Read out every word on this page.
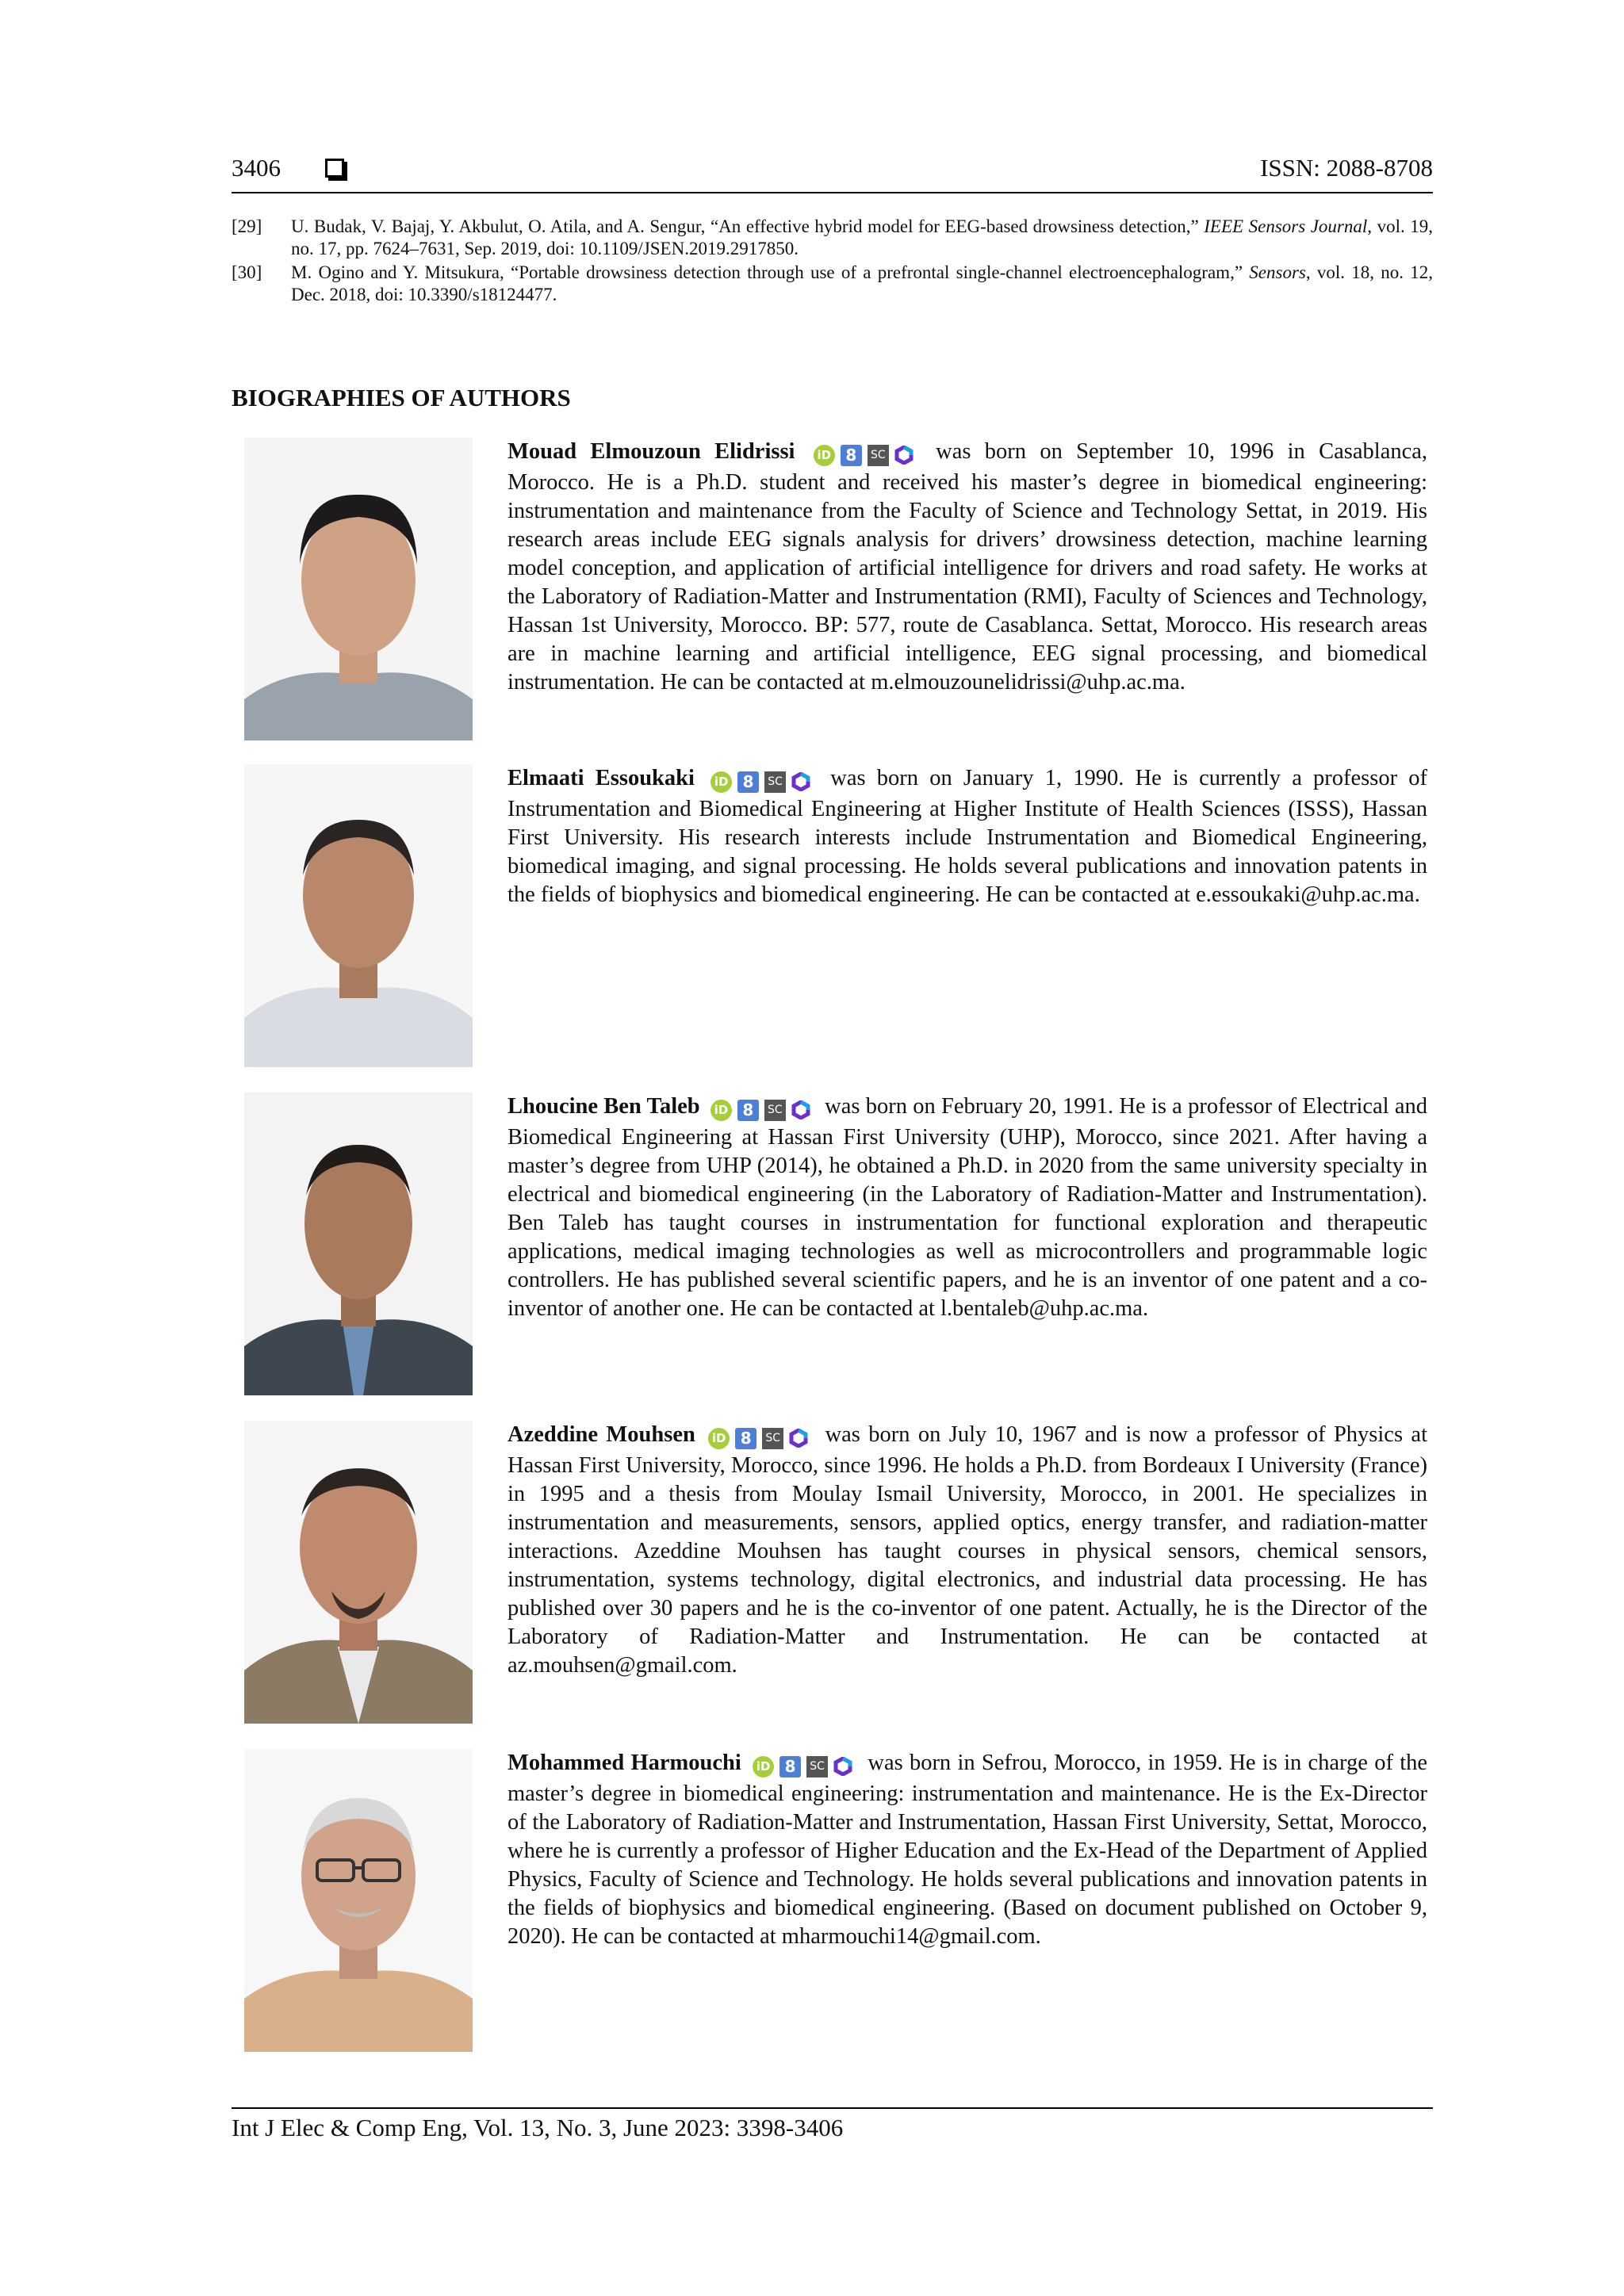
3406	ISSN: 2088-8708
[29] U. Budak, V. Bajaj, Y. Akbulut, O. Atila, and A. Sengur, “An effective hybrid model for EEG-based drowsiness detection,” IEEE Sensors Journal, vol. 19, no. 17, pp. 7624–7631, Sep. 2019, doi: 10.1109/JSEN.2019.2917850.
[30] M. Ogino and Y. Mitsukura, “Portable drowsiness detection through use of a prefrontal single-channel electroencephalogram,” Sensors, vol. 18, no. 12, Dec. 2018, doi: 10.3390/s18124477.
BIOGRAPHIES OF AUTHORS

Mouad Elmouzoun Elidrissi iD 8 SC was born on September 10, 1996 in Casablanca, Morocco. He is a Ph.D. student and received his master’s degree in biomedical engineering: instrumentation and maintenance from the Faculty of Science and Technology Settat, in 2019. His research areas include EEG signals analysis for drivers’ drowsiness detection, machine learning model conception, and application of artificial intelligence for drivers and road safety. He works at the Laboratory of Radiation-Matter and Instrumentation (RMI), Faculty of Sciences and Technology, Hassan 1st University, Morocco. BP: 577, route de Casablanca. Settat, Morocco. His research areas are in machine learning and artificial intelligence, EEG signal processing, and biomedical instrumentation. He can be contacted at m.elmouzounelidrissi@uhp.ac.ma.

Elmaati Essoukaki iD 8 SC was born on January 1, 1990. He is currently a professor of Instrumentation and Biomedical Engineering at Higher Institute of Health Sciences (ISSS), Hassan First University. His research interests include Instrumentation and Biomedical Engineering, biomedical imaging, and signal processing. He holds several publications and innovation patents in the fields of biophysics and biomedical engineering. He can be contacted at e.essoukaki@uhp.ac.ma.

Lhoucine Ben Taleb iD 8 SC was born on February 20, 1991. He is a professor of Electrical and Biomedical Engineering at Hassan First University (UHP), Morocco, since 2021. After having a master’s degree from UHP (2014), he obtained a Ph.D. in 2020 from the same university specialty in electrical and biomedical engineering (in the Laboratory of Radiation-Matter and Instrumentation). Ben Taleb has taught courses in instrumentation for functional exploration and therapeutic applications, medical imaging technologies as well as microcontrollers and programmable logic controllers. He has published several scientific papers, and he is an inventor of one patent and a co-inventor of another one. He can be contacted at l.bentaleb@uhp.ac.ma.

Azeddine Mouhsen iD 8 SC was born on July 10, 1967 and is now a professor of Physics at Hassan First University, Morocco, since 1996. He holds a Ph.D. from Bordeaux I University (France) in 1995 and a thesis from Moulay Ismail University, Morocco, in 2001. He specializes in instrumentation and measurements, sensors, applied optics, energy transfer, and radiation-matter interactions. Azeddine Mouhsen has taught courses in physical sensors, chemical sensors, instrumentation, systems technology, digital electronics, and industrial data processing. He has published over 30 papers and he is the co-inventor of one patent. Actually, he is the Director of the Laboratory of Radiation-Matter and Instrumentation. He can be contacted at az.mouhsen@gmail.com.

Mohammed Harmouchi iD 8 SC was born in Sefrou, Morocco, in 1959. He is in charge of the master’s degree in biomedical engineering: instrumentation and maintenance. He is the Ex-Director of the Laboratory of Radiation-Matter and Instrumentation, Hassan First University, Settat, Morocco, where he is currently a professor of Higher Education and the Ex-Head of the Department of Applied Physics, Faculty of Science and Technology. He holds several publications and innovation patents in the fields of biophysics and biomedical engineering. (Based on document published on October 9, 2020). He can be contacted at mharmouchi14@gmail.com.

Int J Elec & Comp Eng, Vol. 13, No. 3, June 2023: 3398-3406
